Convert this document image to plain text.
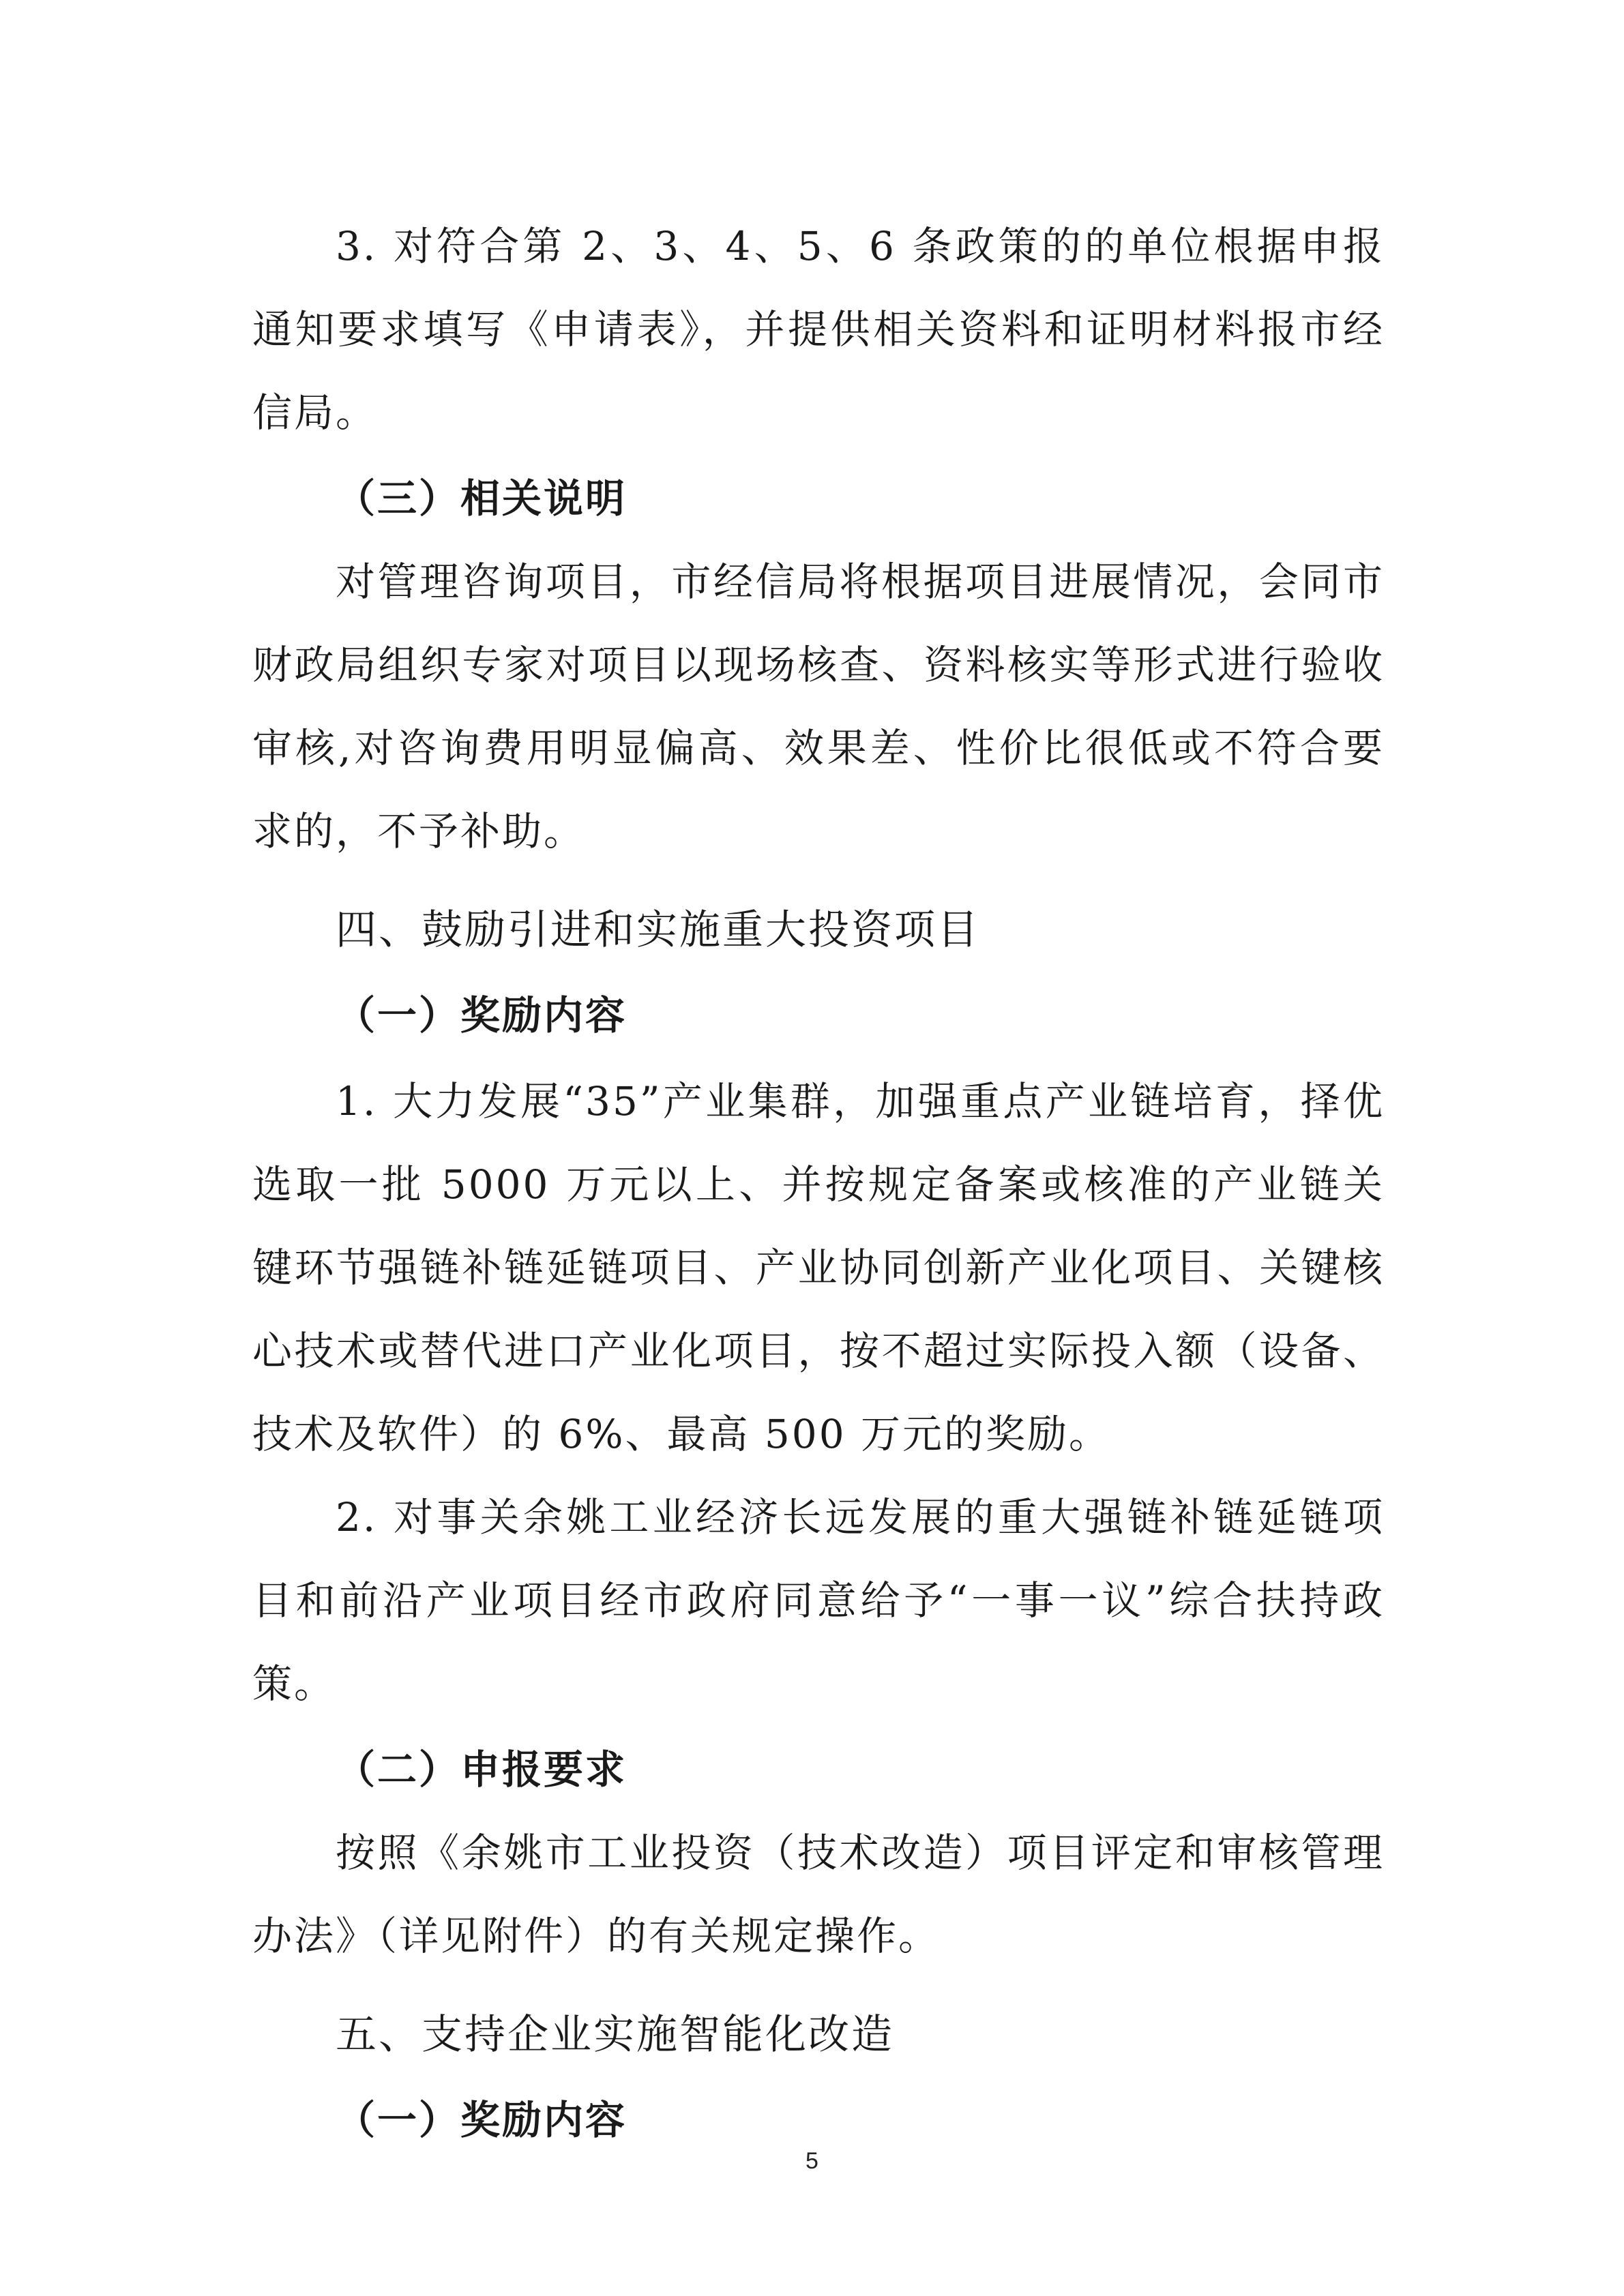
3. 对符合第 2、3、4、5、6 条政策的的单位根据申报通知要求填写《申请表》，并提供相关资料和证明材料报市经信局。

（三）相关说明

对管理咨询项目，市经信局将根据项目进展情况，会同市财政局组织专家对项目以现场核查、资料核实等形式进行验收审核,对咨询费用明显偏高、效果差、性价比很低或不符合要求的，不予补助。

四、鼓励引进和实施重大投资项目

（一）奖励内容

1. 大力发展“35”产业集群，加强重点产业链培育，择优选取一批 5000 万元以上、并按规定备案或核准的产业链关键环节强链补链延链项目、产业协同创新产业化项目、关键核心技术或替代进口产业化项目，按不超过实际投入额（设备、技术及软件）的 6%、最高 500 万元的奖励。

2. 对事关余姚工业经济长远发展的重大强链补链延链项目和前沿产业项目经市政府同意给予“一事一议”综合扶持政策。

（二）申报要求

按照《余姚市工业投资（技术改造）项目评定和审核管理办法》（详见附件）的有关规定操作。

五、支持企业实施智能化改造

（一）奖励内容

5
